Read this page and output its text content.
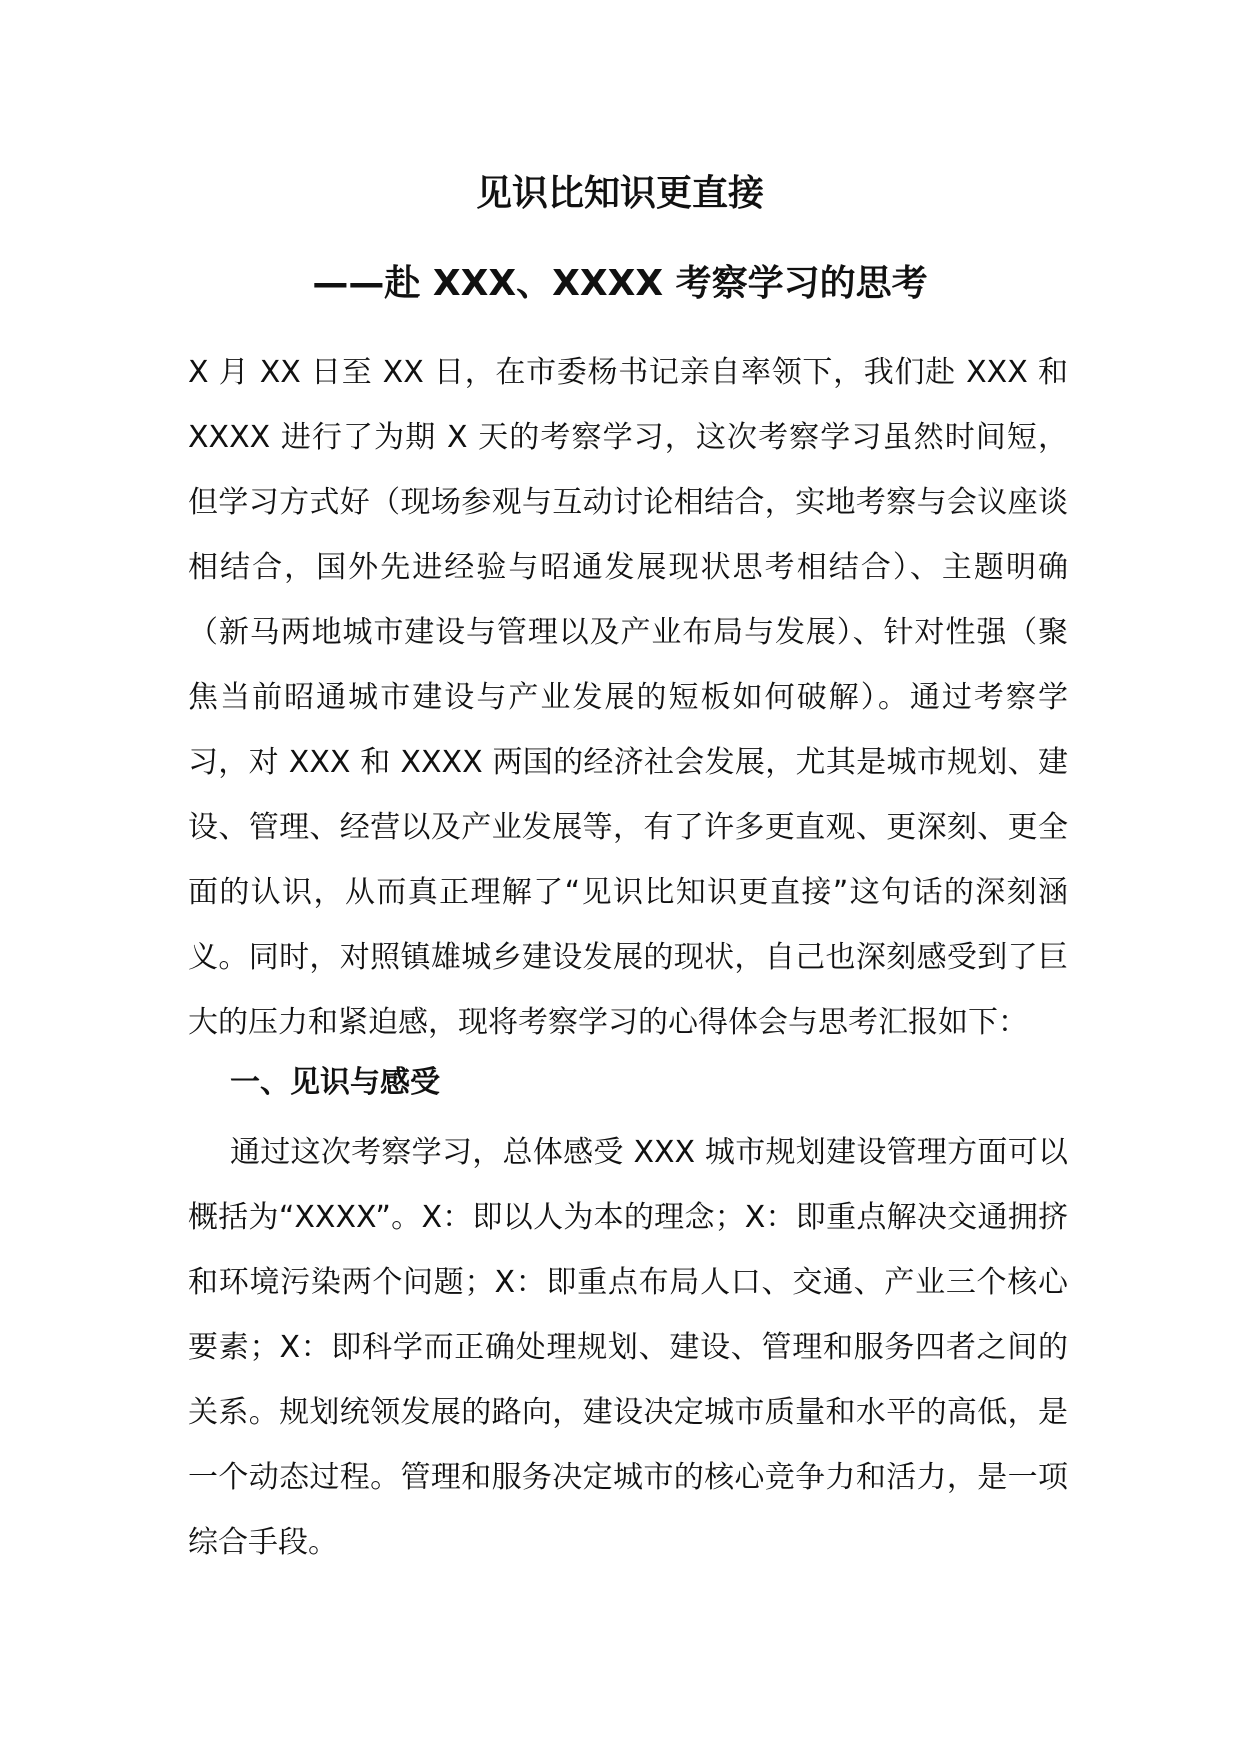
见识比知识更直接
——赴 XXX、XXXX 考察学习的思考

X 月 XX 日至 XX 日，在市委杨书记亲自率领下，我们赴 XXX 和 XXXX 进行了为期 X 天的考察学习，这次考察学习虽然时间短，但学习方式好（现场参观与互动讨论相结合，实地考察与会议座谈相结合，国外先进经验与昭通发展现状思考相结合）、主题明确（新马两地城市建设与管理以及产业布局与发展）、针对性强（聚焦当前昭通城市建设与产业发展的短板如何破解）。通过考察学习，对 XXX 和 XXXX 两国的经济社会发展，尤其是城市规划、建设、管理、经营以及产业发展等，有了许多更直观、更深刻、更全面的认识，从而真正理解了“见识比知识更直接”这句话的深刻涵义。同时，对照镇雄城乡建设发展的现状，自己也深刻感受到了巨大的压力和紧迫感，现将考察学习的心得体会与思考汇报如下：

一、见识与感受

通过这次考察学习，总体感受 XXX 城市规划建设管理方面可以概括为“XXXX”。X：即以人为本的理念；X：即重点解决交通拥挤和环境污染两个问题；X：即重点布局人口、交通、产业三个核心要素；X：即科学而正确处理规划、建设、管理和服务四者之间的关系。规划统领发展的路向，建设决定城市质量和水平的高低，是一个动态过程。管理和服务决定城市的核心竞争力和活力，是一项综合手段。
